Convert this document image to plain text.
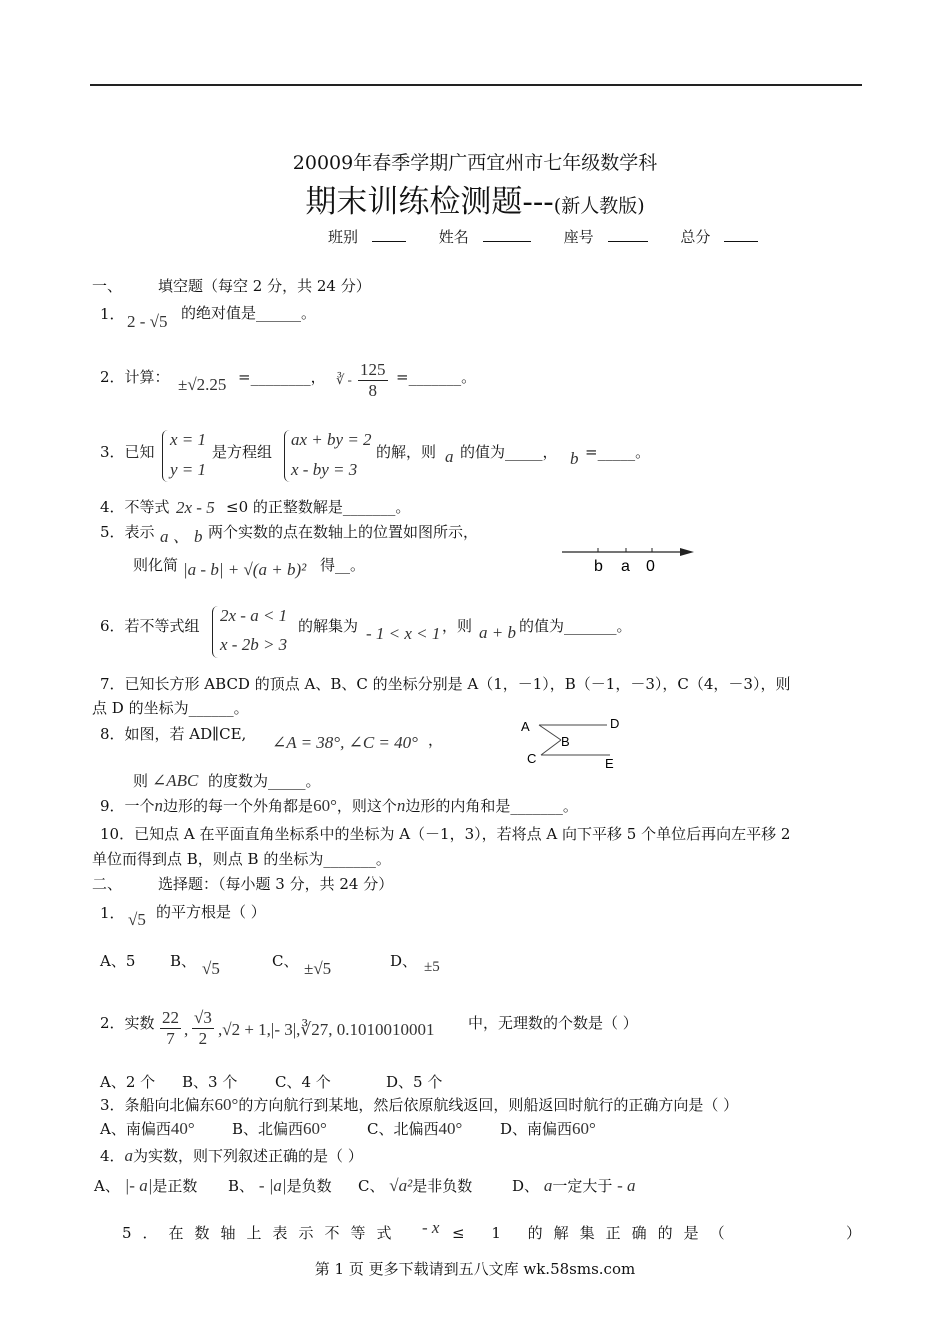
20009年春季学期广西宜州市七年级数学科
期末训练检测题---(新人教版)
班别	姓名	座号	总分
一、 填空题（每空 2 分，共 24 分）
1． 2 - √5 的绝对值是______。
2．计算： ±√2.25 =________， ∛ - $\frac{125}{8}$ =_______。
3．已知
x = 1
y = 1
是方程组
ax + by = 2
x - by = 3
的解，则 a 的值为_____， b =_____。
4．不等式 2x - 5 ≤0 的正整数解是_______。
5．表示 a 、 b 两个实数的点在数轴上的位置如图所示，
则化简 |a - b| + √(a + b)² 得__。	b a 0
6．若不等式组
2x - a < 1
x - 2b > 3
的解集为 - 1 < x < 1 ，则 a + b 的值为_______。
7．已知长方形 ABCD 的顶点 A、B、C 的坐标分别是 A（1，－1），B（－1，－3），C（4，－3），则
点 D 的坐标为______。
8．如图，若 AD∥CE, ∠A = 38°, ∠C = 40° ，
则 ∠ABC 的度数为_____。
A	D
B
C	E
9．一个n边形的每一个外角都是60°，则这个n边形的内角和是_______。
10．已知点 A 在平面直角坐标系中的坐标为 A（－1，3），若将点 A 向下平移 5 个单位后再向左平移 2
单位而得到点 B，则点 B 的坐标为_______。
二、 选择题：（每小题 3 分，共 24 分）
1． √5 的平方根是（ ）
A、5 B、 √5	C、 ±√5	D、 ±5
2．实数 $\frac{22}{7}$ , $\frac{√3}{2} ,√2 + 1,|-$ 3|,∛27, 0.1010010001 中，无理数的个数是（ ）
A、2 个 B、3 个	C、4 个	D、5 个
3．条船向北偏东60°的方向航行到某地，然后依原航线返回，则船返回时航行的正确方向是（ ）
A、南偏西40° B、北偏西60°	C、北偏西40°	D、南偏西60°
4．a为实数，则下列叙述正确的是（ ）
A、 |- a|是正数 B、 - |a|是负数 C、 √a²是非负数	D、 a一定大于 - a
5．在数轴上表示不等式 - x ≤ 1 的解集正确的是（	）
第 1 页 更多下载请到五八文库 wk.58sms.com
